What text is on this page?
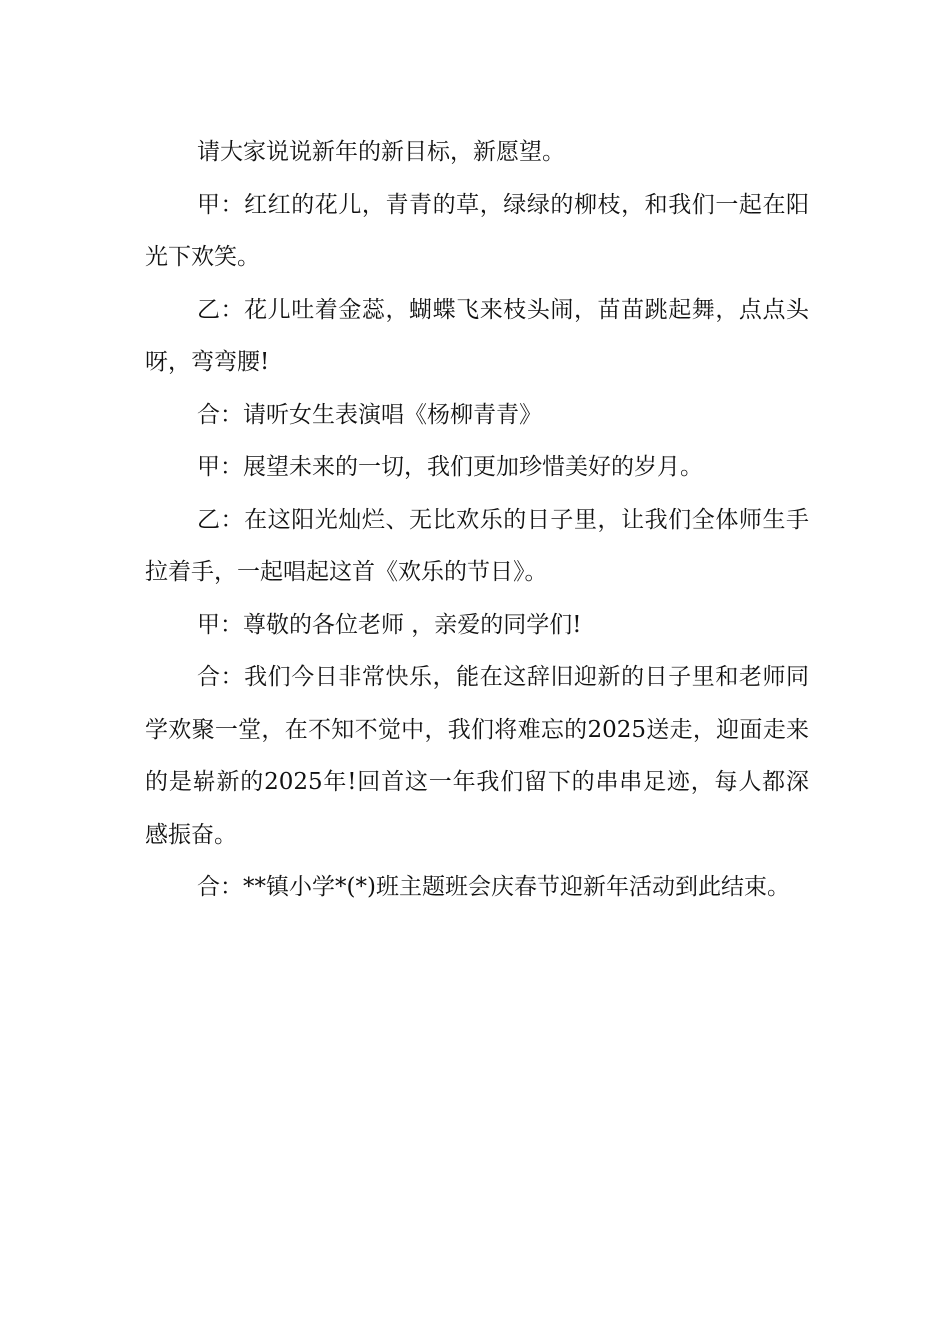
请大家说说新年的新目标，新愿望。

甲：红红的花儿，青青的草，绿绿的柳枝，和我们一起在阳光下欢笑。

乙：花儿吐着金蕊，蝴蝶飞来枝头闹，苗苗跳起舞，点点头呀，弯弯腰!

合：请听女生表演唱《杨柳青青》

甲：展望未来的一切，我们更加珍惜美好的岁月。

乙：在这阳光灿烂、无比欢乐的日子里，让我们全体师生手拉着手，一起唱起这首《欢乐的节日》。

甲：尊敬的各位老师 ，亲爱的同学们!

合：我们今日非常快乐，能在这辞旧迎新的日子里和老师同学欢聚一堂，在不知不觉中，我们将难忘的2025送走，迎面走来的是崭新的2025年!回首这一年我们留下的串串足迹，每人都深感振奋。

合：**镇小学*(*)班主题班会庆春节迎新年活动到此结束。
